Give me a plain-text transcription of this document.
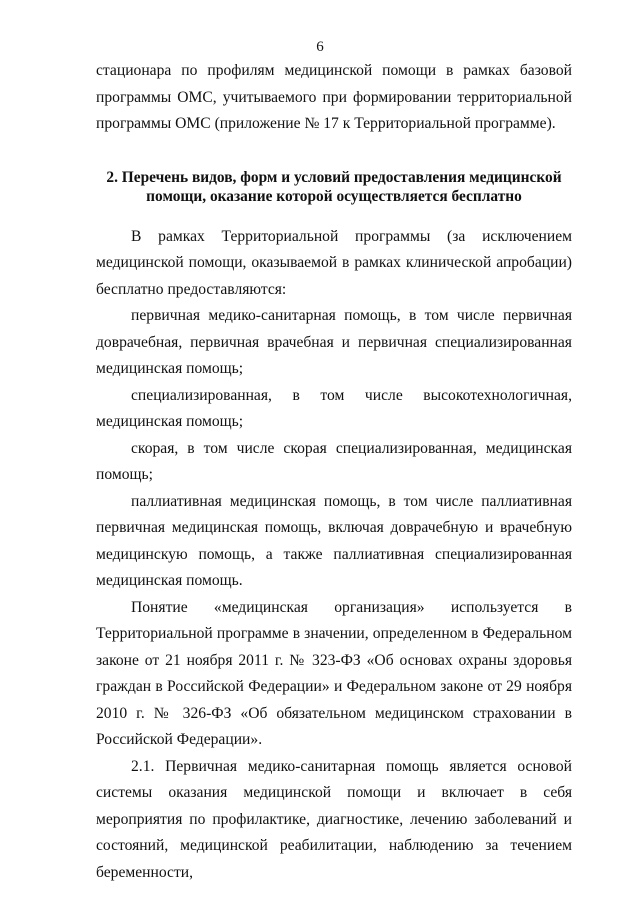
6

стационара по профилям медицинской помощи в рамках базовой программы ОМС, учитываемого при формировании территориальной программы ОМС (приложение № 17 к Территориальной программе).

2. Перечень видов, форм и условий предоставления медицинской помощи, оказание которой осуществляется бесплатно

В рамках Территориальной программы (за исключением медицинской помощи, оказываемой в рамках клинической апробации) бесплатно предоставляются:

первичная медико-санитарная помощь, в том числе первичная доврачебная, первичная врачебная и первичная специализированная медицинская помощь;

специализированная, в том числе высокотехнологичная, медицинская помощь;

скорая, в том числе скорая специализированная, медицинская помощь;

паллиативная медицинская помощь, в том числе паллиативная первичная медицинская помощь, включая доврачебную и врачебную медицинскую помощь, а также паллиативная специализированная медицинская помощь.

Понятие «медицинская организация» используется в Территориальной программе в значении, определенном в Федеральном законе от 21 ноября 2011 г. № 323-ФЗ «Об основах охраны здоровья граждан в Российской Федерации» и Федеральном законе от 29 ноября 2010 г. № 326-ФЗ «Об обязательном медицинском страховании в Российской Федерации».

2.1. Первичная медико-санитарная помощь является основой системы оказания медицинской помощи и включает в себя мероприятия по профилактике, диагностике, лечению заболеваний и состояний, медицинской реабилитации, наблюдению за течением беременности,
